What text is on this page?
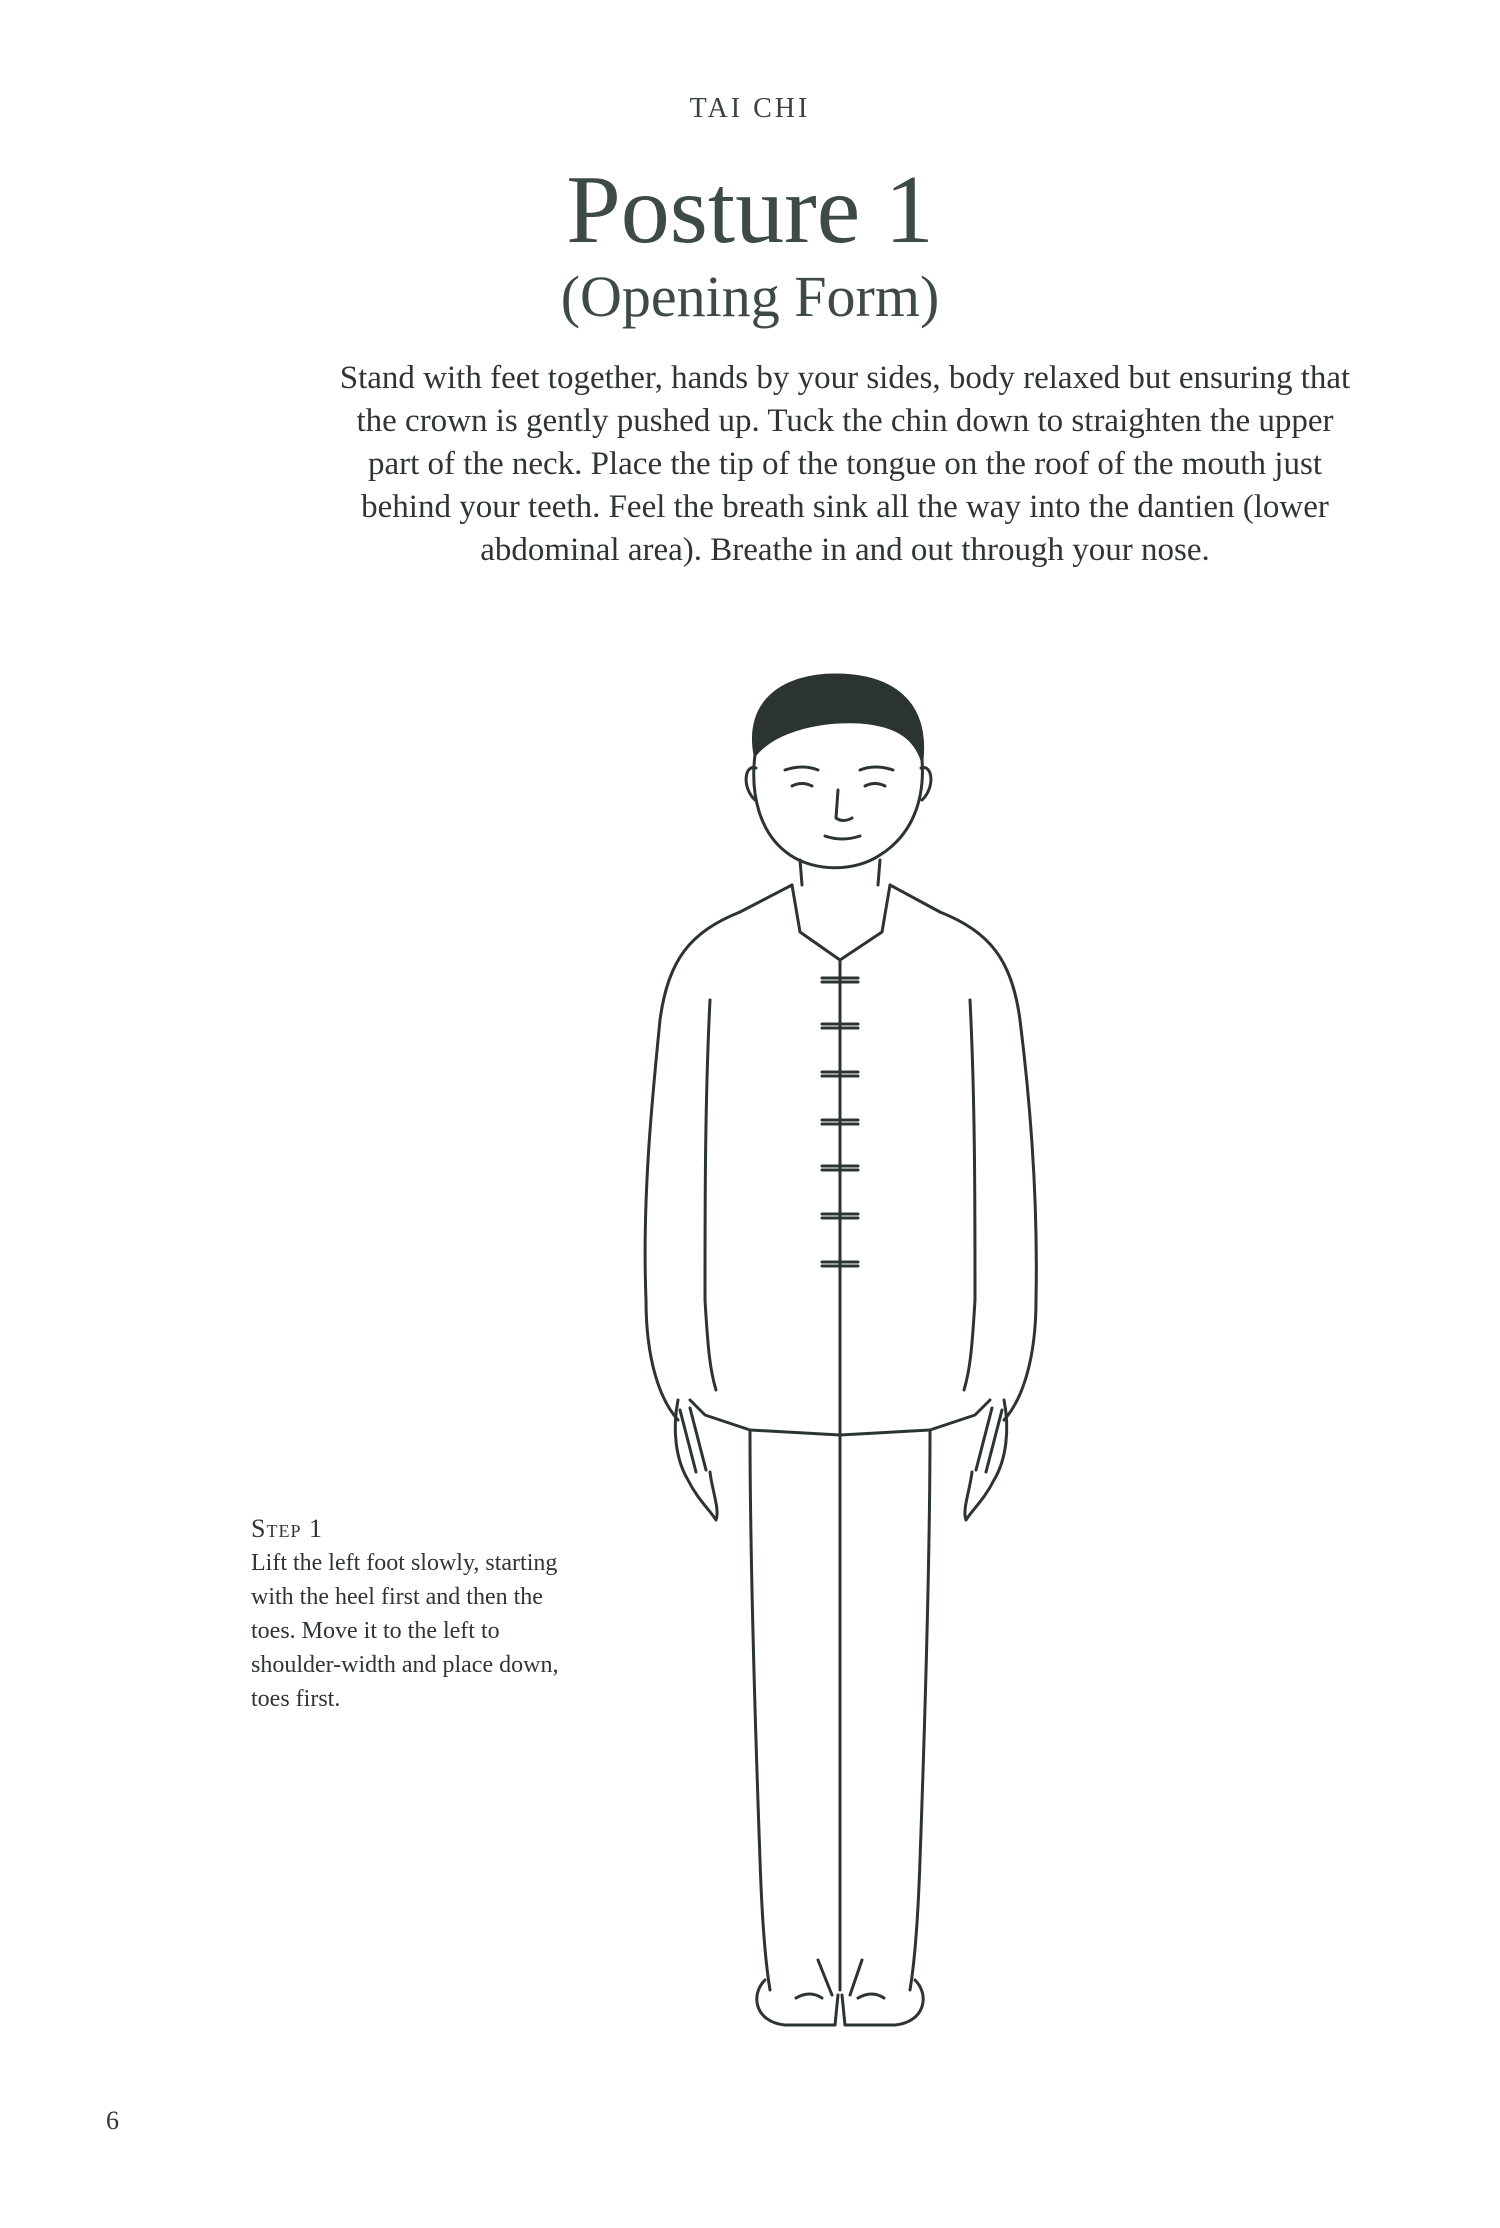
TAI CHI
Posture 1
(Opening Form)
Stand with feet together, hands by your sides, body relaxed but ensuring that the crown is gently pushed up. Tuck the chin down to straighten the upper part of the neck. Place the tip of the tongue on the roof of the mouth just behind your teeth. Feel the breath sink all the way into the dantien (lower abdominal area). Breathe in and out through your nose.
Step 1
Lift the left foot slowly, starting with the heel first and then the toes. Move it to the left to shoulder-width and place down, toes first.
6
